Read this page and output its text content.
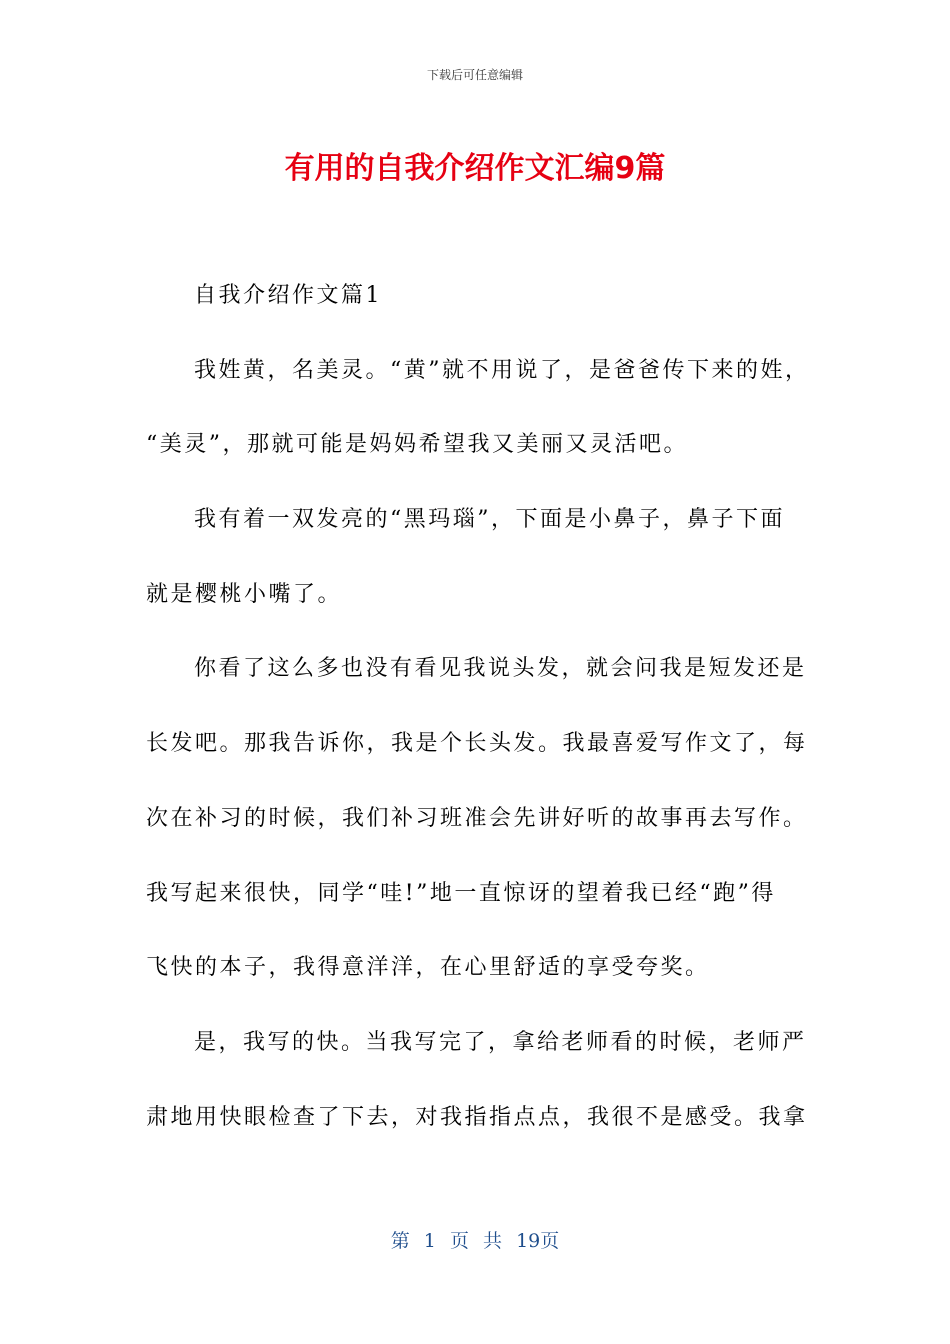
下载后可任意编辑
有用的自我介绍作文汇编9篇
自我介绍作文篇1
我姓黄，名美灵。“黄”就不用说了，是爸爸传下来的姓，
“美灵”，那就可能是妈妈希望我又美丽又灵活吧。
我有着一双发亮的“黑玛瑙”，下面是小鼻子，鼻子下面
就是樱桃小嘴了。
你看了这么多也没有看见我说头发，就会问我是短发还是
长发吧。那我告诉你，我是个长头发。我最喜爱写作文了，每
次在补习的时候，我们补习班准会先讲好听的故事再去写作。
我写起来很快，同学“哇!”地一直惊讶的望着我已经“跑”得
飞快的本子，我得意洋洋，在心里舒适的享受夸奖。
是，我写的快。当我写完了，拿给老师看的时候，老师严
肃地用快眼检查了下去，对我指指点点，我很不是感受。我拿
第 1 页 共 19页
